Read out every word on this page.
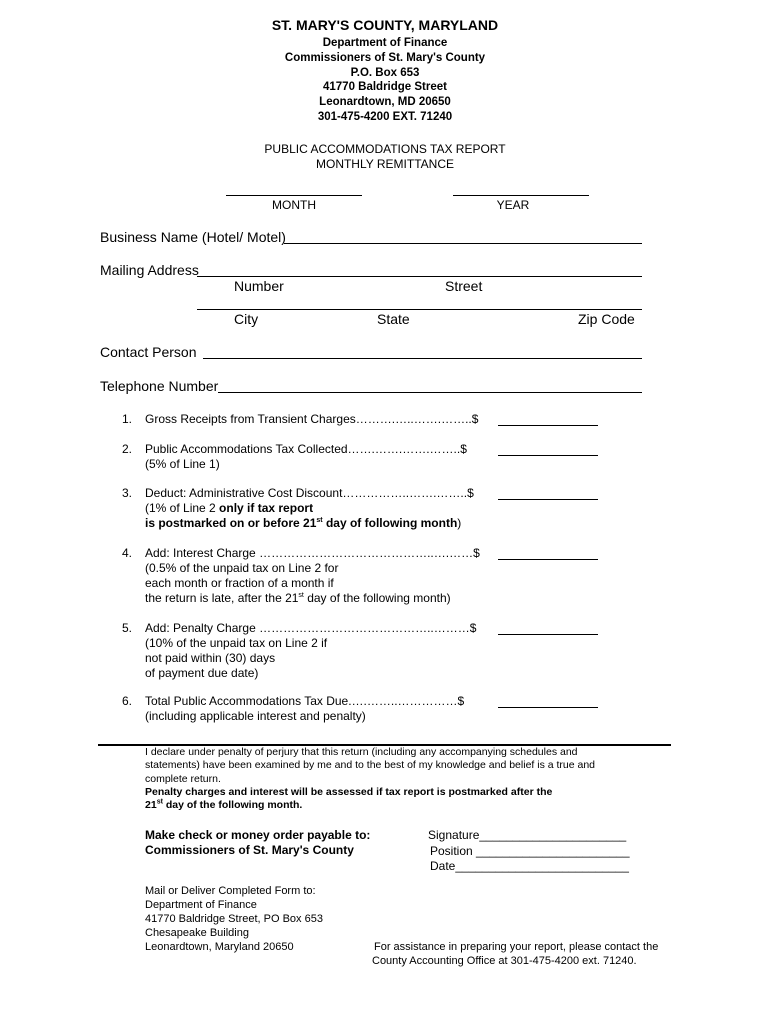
ST. MARY'S COUNTY, MARYLAND
Department of Finance
Commissioners of St. Mary's County
P.O. Box 653
41770 Baldridge Street
Leonardtown, MD 20650
301-475-4200 EXT. 71240
PUBLIC ACCOMMODATIONS TAX REPORT
MONTHLY REMITTANCE
MONTH	YEAR
Business Name (Hotel/ Motel)
Mailing Address
Number	Street
City	State	Zip Code
Contact Person
Telephone Number
1. Gross Receipts from Transient Charges……….…..…….……..$
2. Public Accommodations Tax Collected…….…….…….……..$
(5% of Line 1)
3. Deduct: Administrative Cost Discount……………..…….……..$
(1% of Line 2 only if tax report
is postmarked on or before 21st day of following month)
4. Add: Interest Charge ……………………………………..….……$
(0.5% of the unpaid tax on Line 2 for
each month or fraction of a month if
the return is late, after the 21st day of the following month)
5. Add: Penalty Charge ……………………………………..………$
(10% of the unpaid tax on Line 2 if
not paid within (30) days
of payment due date)
6. Total Public Accommodations Tax Due.….……..……………$
(including applicable interest and penalty)
I declare under penalty of perjury that this return (including any accompanying schedules and
statements) have been examined by me and to the best of my knowledge and belief is a true and
complete return.
Penalty charges and interest will be assessed if tax report is postmarked after the
21st day of the following month.
Make check or money order payable to:
Commissioners of St. Mary's County
Signature______________________
Position _______________________
Date__________________________
Mail or Deliver Completed Form to:
Department of Finance
41770 Baldridge Street, PO Box 653
Chesapeake Building
Leonardtown, Maryland 20650	For assistance in preparing your report, please contact the
County Accounting Office at 301-475-4200 ext. 71240.
